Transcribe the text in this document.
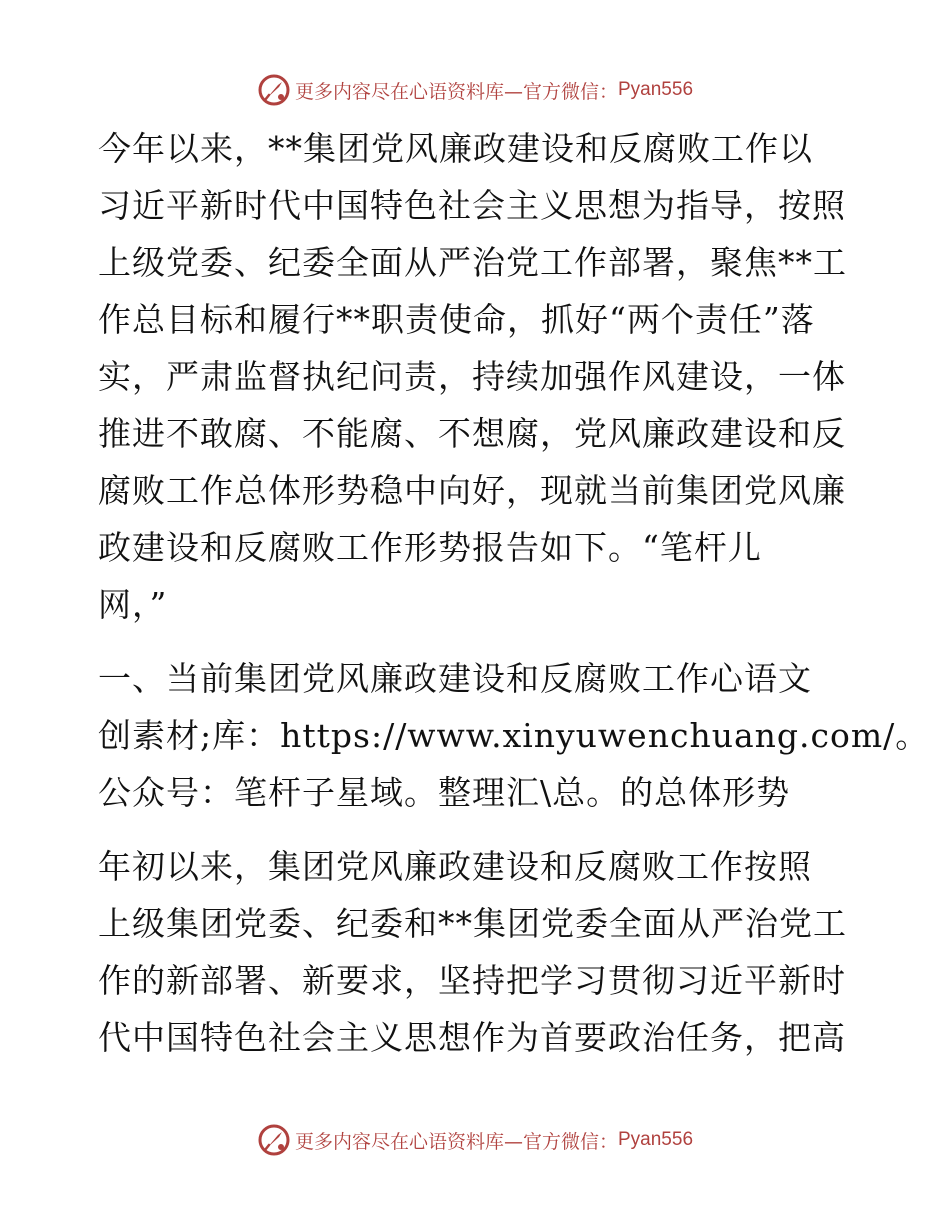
更多内容尽在心语资料库—官方微信： Pyan556

今年以来，**集团党风廉政建设和反腐败工作以
习近平新时代中国特色社会主义思想为指导，按照
上级党委、纪委全面从严治党工作部署，聚焦**工
作总目标和履行**职责使命，抓好“两个责任”落
实，严肃监督执纪问责，持续加强作风建设，一体
推进不敢腐、不能腐、不想腐，党风廉政建设和反
腐败工作总体形势稳中向好，现就当前集团党风廉
政建设和反腐败工作形势报告如下。“笔杆儿
网，”

一、当前集团党风廉政建设和反腐败工作心语文
创素材;库：https://www.xinyuwenchuang.com/。
公众号：笔杆子星域。整理汇\总。的总体形势

年初以来，集团党风廉政建设和反腐败工作按照
上级集团党委、纪委和**集团党委全面从严治党工
作的新部署、新要求，坚持把学习贯彻习近平新时
代中国特色社会主义思想作为首要政治任务，把高

更多内容尽在心语资料库—官方微信： Pyan556
